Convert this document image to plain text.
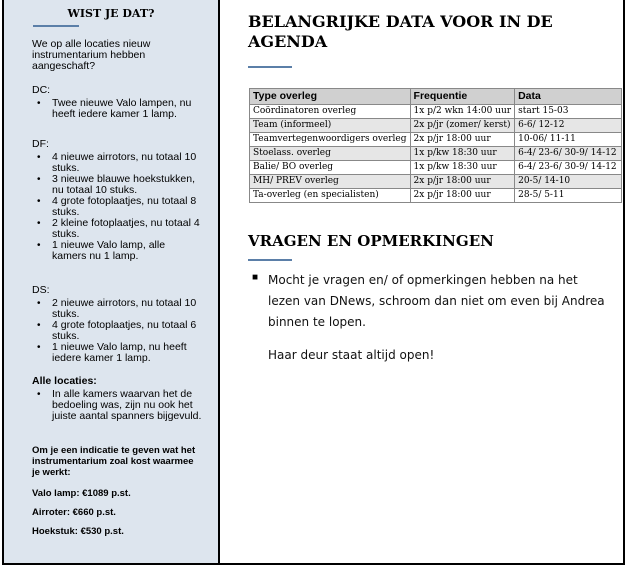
WIST JE DAT?
We op alle locaties nieuw instrumentarium hebben aangeschaft?
DC:
• Twee nieuwe Valo lampen, nu heeft iedere kamer 1 lamp.
DF:
• 4 nieuwe airrotors, nu totaal 10 stuks.
• 3 nieuwe blauwe hoekstukken, nu totaal 10 stuks.
• 4 grote fotoplaatjes, nu totaal 8 stuks.
• 2 kleine fotoplaatjes, nu totaal 4 stuks.
• 1 nieuwe Valo lamp, alle kamers nu 1 lamp.
DS:
• 2 nieuwe airrotors, nu totaal 10 stuks.
• 4 grote fotoplaatjes, nu totaal 6 stuks.
• 1 nieuwe Valo lamp, nu heeft iedere kamer 1 lamp.
Alle locaties:
• In alle kamers waarvan het de bedoeling was, zijn nu ook het juiste aantal spanners bijgevuld.
Om je een indicatie te geven wat het instrumentarium zoal kost waarmee je werkt:
Valo lamp: €1089 p.st.
Airroter: €660 p.st.
Hoekstuk: €530 p.st.
BELANGRIJKE DATA VOOR IN DE AGENDA
Type overleg	Frequentie	Data
Coördinatoren overleg	1x p/2 wkn 14:00 uur	start 15-03
Team (informeel)	2x p/jr (zomer/ kerst)	6-6/ 12-12
Teamvertegenwoordigers overleg	2x p/jr 18:00 uur	10-06/ 11-11
Stoelass. overleg	1x p/kw 18:30 uur	6-4/ 23-6/ 30-9/ 14-12
Balie/ BO overleg	1x p/kw 18:30 uur	6-4/ 23-6/ 30-9/ 14-12
MH/ PREV overleg	2x p/jr 18:00 uur	20-5/ 14-10
Ta-overleg (en specialisten)	2x p/jr 18:00 uur	28-5/ 5-11
VRAGEN EN OPMERKINGEN
■ Mocht je vragen en/ of opmerkingen hebben na het lezen van DNews, schroom dan niet om even bij Andrea binnen te lopen.
Haar deur staat altijd open!
